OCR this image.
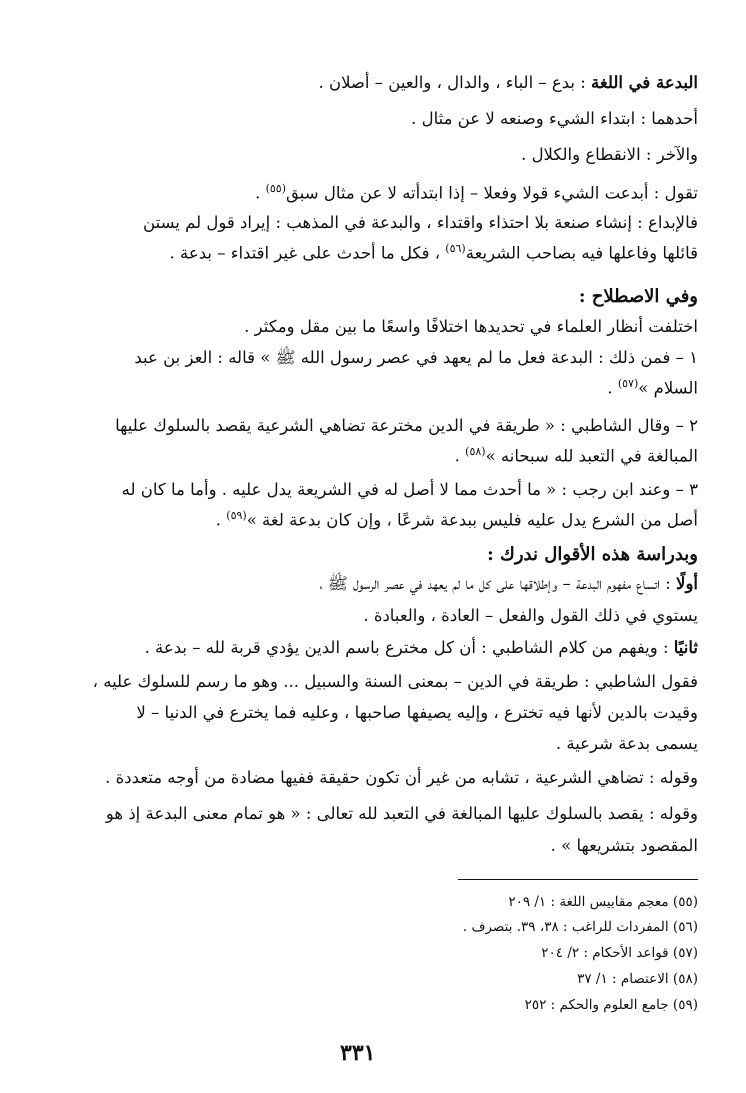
البدعة في اللغة : بدع – الباء ، والدال ، والعين – أصلان .
أحدهما : ابتداء الشيء وصنعه لا عن مثال .
والآخر : الانقطاع والكلال .
تقول : أبدعت الشيء قولا وفعلا – إذا ابتدأته لا عن مثال سبق$^{(٥٥)}$ .
فالإبداع : إنشاء صنعة بلا احتذاء واقتداء ، والبدعة في المذهب : إيراد قول لم يستن
قائلها وفاعلها فيه بصاحب الشريعة$^{(٥٦)}$ ، فكل ما أحدث على غير اقتداء – بدعة .
وفي الاصطلاح :
اختلفت أنظار العلماء في تحديدها اختلافًا واسعًا ما بين مقل ومكثر .
١ – فمن ذلك : البدعة فعل ما لم يعهد في عصر رسول الله ﷺ » قاله : العز بن عبد
السلام »$^{(٥٧)}$ .
٢ – وقال الشاطبي : « طريقة في الدين مخترعة تضاهي الشرعية يقصد بالسلوك عليها
المبالغة في التعبد لله سبحانه »$^{(٥٨)}$ .
٣ – وعند ابن رجب : « ما أحدث مما لا أصل له في الشريعة يدل عليه . وأما ما كان له
أصل من الشرع يدل عليه فليس ببدعة شرعًا ، وإن كان بدعة لغة »$^{(٥٩)}$ .
وبدراسة هذه الأقوال ندرك :
أولًا : اتساع مفهوم البدعة – وإطلاقها على كل ما لم يعهد في عصر الرسول ﷺ ،
يستوي في ذلك القول والفعل – العادة ، والعبادة .
ثانيًا : ويفهم من كلام الشاطبي : أن كل مخترع باسم الدين يؤدي قربة لله – بدعة .
فقول الشاطبي : طريقة في الدين – بمعنى السنة والسبيل ... وهو ما رسم للسلوك عليه ،
وقيدت بالدين لأنها فيه تخترع ، وإليه يصيفها صاحبها ، وعليه فما يخترع في الدنيا – لا
يسمى بدعة شرعية .
وقوله : تضاهي الشرعية ، تشابه من غير أن تكون حقيقة ففيها مضادة من أوجه متعددة .
وقوله : يقصد بالسلوك عليها المبالغة في التعبد لله تعالى : « هو تمام معنى البدعة إذ هو
المقصود بتشريعها » .
(٥٥) معجم مقاييس اللغة : ١/ ٢٠٩
(٥٦) المفردات للراغب : ٣٨، ٣٩. بتصرف .
(٥٧) قواعد الأحكام : ٢/ ٢٠٤
(٥٨) الاعتصام : ١/ ٣٧
(٥٩) جامع العلوم والحكم : ٢٥٢
٣٣١
